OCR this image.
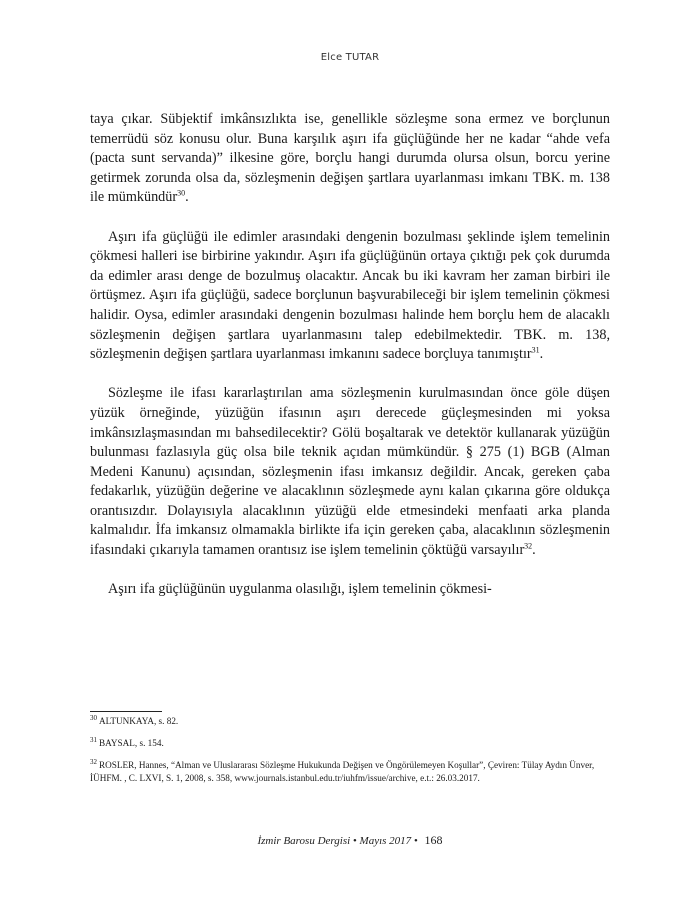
Elce TUTAR

taya çıkar. Sübjektif imkânsızlıkta ise, genellikle sözleşme sona ermez ve borçlunun temerrüdü söz konusu olur. Buna karşılık aşırı ifa güçlüğünde her ne kadar “ahde vefa (pacta sunt servanda)” ilkesine göre, borçlu hangi durumda olursa olsun, borcu yerine getirmek zorunda olsa da, sözleşmenin değişen şartlara uyarlanması imkanı TBK. m. 138 ile mümkündür$^{30}$.

Aşırı ifa güçlüğü ile edimler arasındaki dengenin bozulması şeklinde işlem temelinin çökmesi halleri ise birbirine yakındır. Aşırı ifa güçlüğünün ortaya çıktığı pek çok durumda da edimler arası denge de bozulmuş olacaktır. Ancak bu iki kavram her zaman birbiri ile örtüşmez. Aşırı ifa güçlüğü, sadece borçlunun başvurabileceği bir işlem temelinin çökmesi halidir. Oysa, edimler arasındaki dengenin bozulması halinde hem borçlu hem de alacaklı sözleşmenin değişen şartlara uyarlanmasını talep edebilmektedir. TBK. m. 138, sözleşmenin değişen şartlara uyarlanması imkanını sadece borçluya tanımıştır$^{31}$.

Sözleşme ile ifası kararlaştırılan ama sözleşmenin kurulmasından önce göle düşen yüzük örneğinde, yüzüğün ifasının aşırı derecede güçleşmesinden mi yoksa imkânsızlaşmasından mı bahsedilecektir? Gölü boşaltarak ve detektör kullanarak yüzüğün bulunması fazlasıyla güç olsa bile teknik açıdan mümkündür. § 275 (1) BGB (Alman Medeni Kanunu) açısından, sözleşmenin ifası imkansız değildir. Ancak, gereken çaba fedakarlık, yüzüğün değerine ve alacaklının sözleşmede aynı kalan çıkarına göre oldukça orantısızdır. Dolayısıyla alacaklının yüzüğü elde etmesindeki menfaati arka planda kalmalıdır. İfa imkansız olmamakla birlikte ifa için gereken çaba, alacaklının sözleşmenin ifasındaki çıkarıyla tamamen orantısız ise işlem temelinin çöktüğü varsayılır$^{32}$.

Aşırı ifa güçlüğünün uygulanma olasılığı, işlem temelinin çökmesi-

$^{30}$ ALTUNKAYA, s. 82.
$^{31}$ BAYSAL, s. 154.
$^{32}$ ROSLER, Hannes, “Alman ve Uluslararası Sözleşme Hukukunda Değişen ve Öngörülemeyen Koşullar”, Çeviren: Tülay Aydın Ünver, İÜHFM. , C. LXVI, S. 1, 2008, s. 358, www.journals.istanbul.edu.tr/iuhfm/issue/archive, e.t.: 26.03.2017.
İzmir Barosu Dergisi • Mayıs 2017 • 168
